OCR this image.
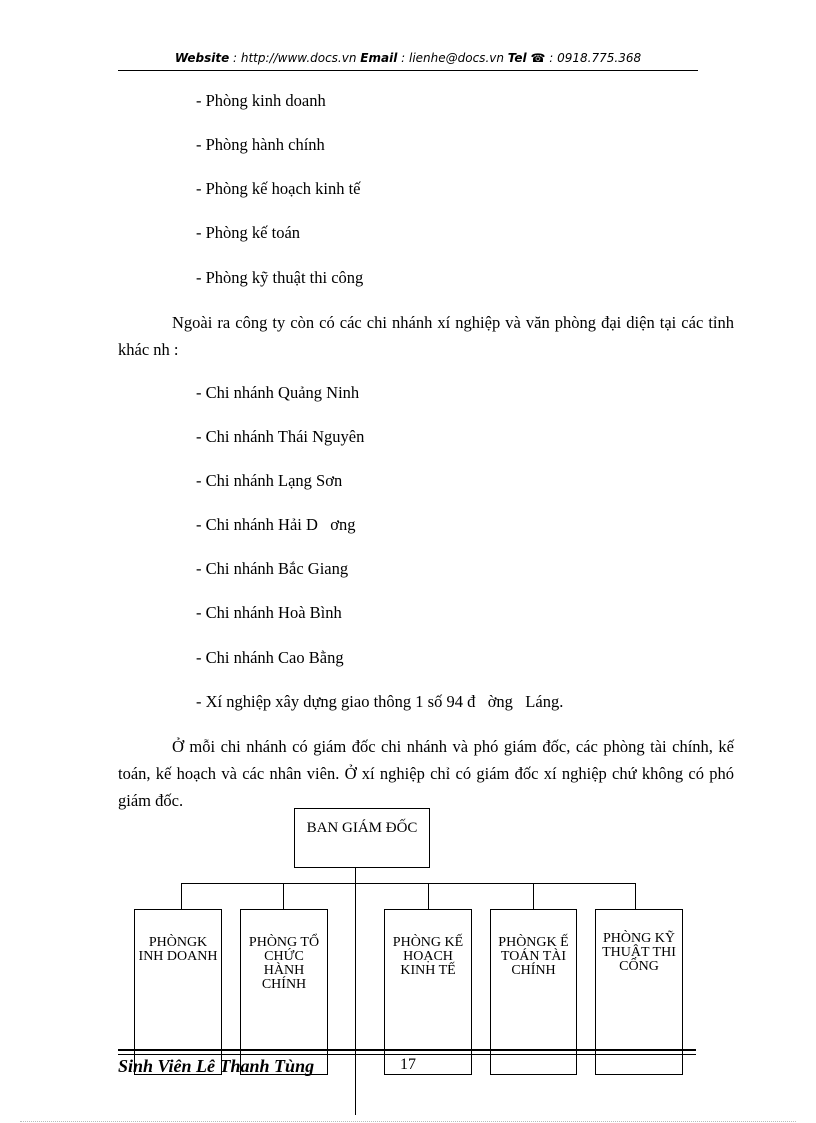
Website : http://www.docs.vn Email : lienhe@docs.vn Tel ☎ : 0918.775.368
- Phòng kinh doanh
- Phòng hành chính
- Phòng kế hoạch kinh tế
- Phòng kế toán
- Phòng kỹ thuật thi công
Ngoài ra công ty còn có các chi nhánh xí nghiệp và văn phòng đại diện tại các tỉnh khác nh :
- Chi nhánh Quảng Ninh
- Chi nhánh Thái Nguyên
- Chi nhánh Lạng Sơn
- Chi nhánh Hải D   ơng
- Chi nhánh Bắc Giang
- Chi nhánh Hoà Bình
- Chi nhánh Cao Bằng
- Xí nghiệp xây dựng giao thông 1 số 94 đ   ờng   Láng.
Ở mỗi chi nhánh có giám đốc chi nhánh và phó giám đốc, các phòng tài chính, kế toán, kế hoạch và các nhân viên. Ở xí nghiệp chỉ có giám đốc xí nghiệp chứ không có phó giám đốc.
BAN GIÁM ĐỐC
PHÒNGK INH DOANH
PHÒNG TỔ CHỨC HÀNH CHÍNH
PHÒNG KẾ HOẠCH KINH TẾ
PHÒNGK Ế TOÁN TÀI CHÍNH
PHÒNG KỸ THUẬT THI CÔNG
Sinh Viên Lê Thanh Tùng	17
